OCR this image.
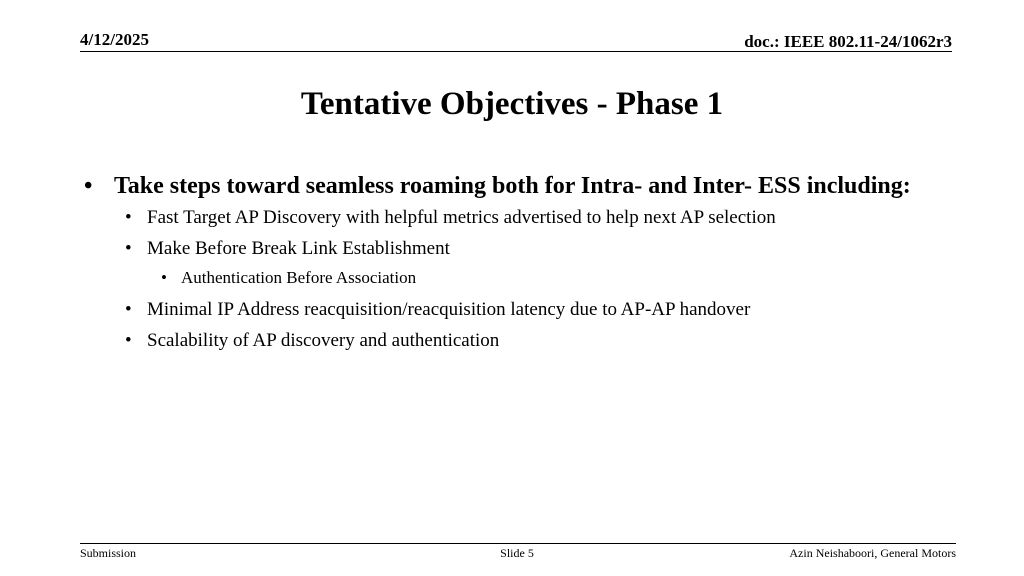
4/12/2025	doc.: IEEE 802.11-24/1062r3
Tentative Objectives - Phase 1
• Take steps toward seamless roaming both for Intra- and Inter- ESS including:
• Fast Target AP Discovery with helpful metrics advertised to help next AP selection
• Make Before Break Link Establishment
• Authentication Before Association
• Minimal IP Address reacquisition/reacquisition latency due to AP-AP handover
• Scalability of AP discovery and authentication
Submission	Slide 5	Azin Neishaboori, General Motors
